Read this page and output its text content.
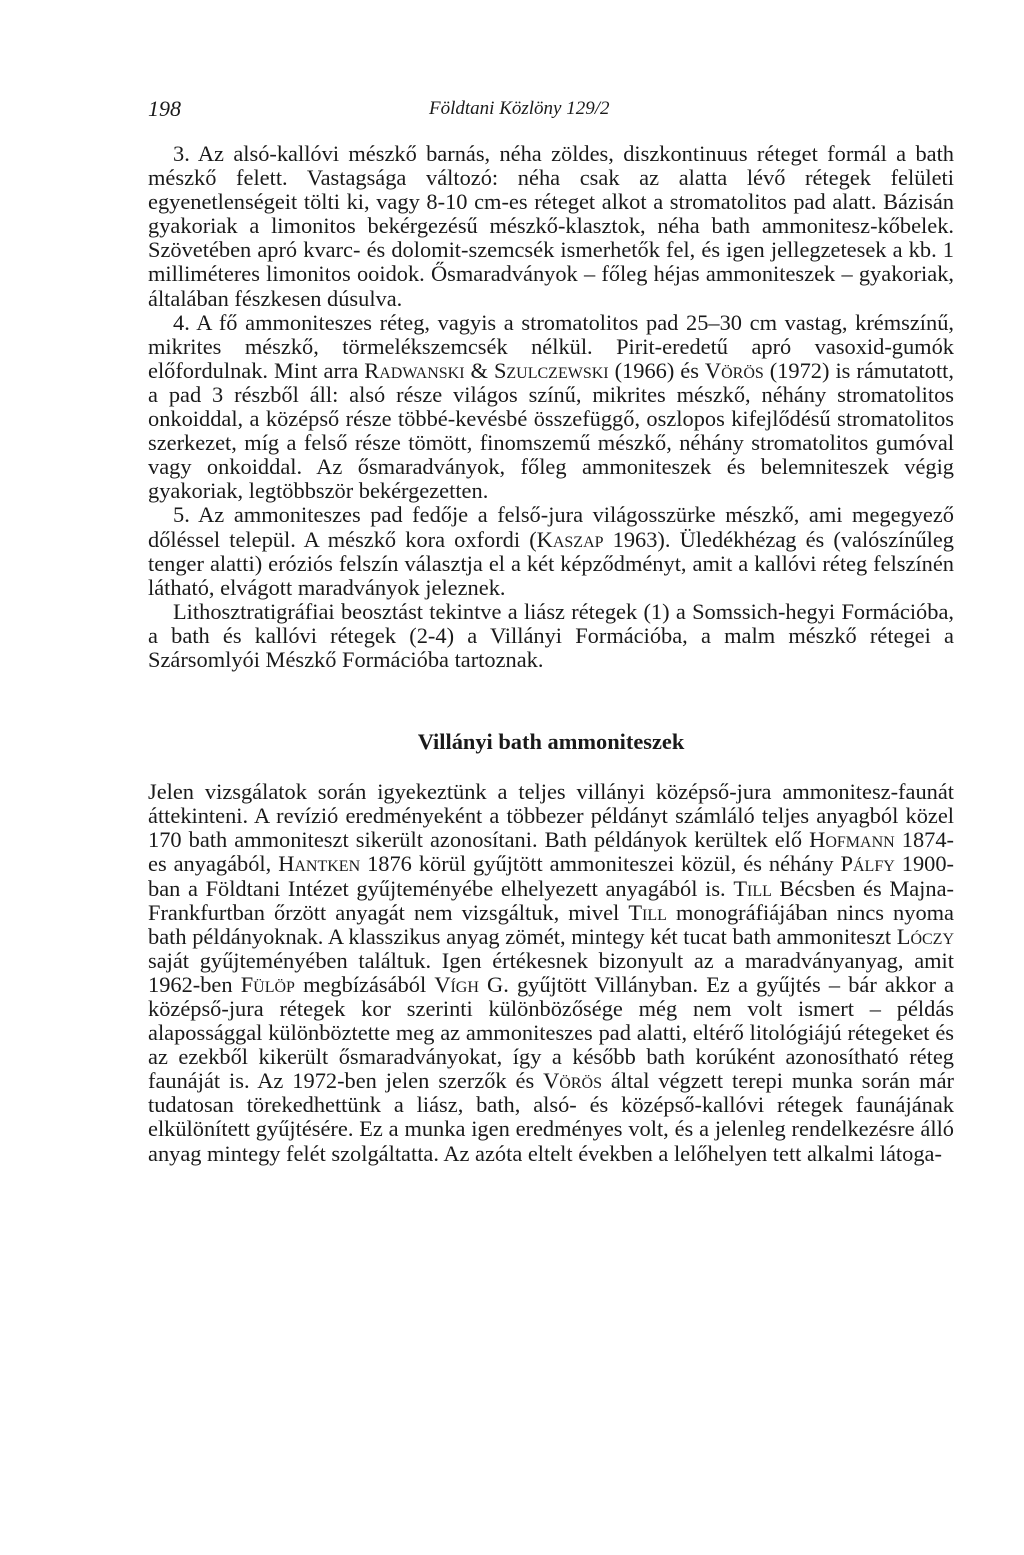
198	Földtani Közlöny 129/2

3. Az alsó-kallóvi mészkő barnás, néha zöldes, diszkontinuus réteget formál a bath mészkő felett. Vastagsága változó: néha csak az alatta lévő rétegek felületi egyenetlenségeit tölti ki, vagy 8-10 cm-es réteget alkot a stromatolitos pad alatt. Bázisán gyakoriak a limonitos bekérgezésű mészkő-klasztok, néha bath ammonitesz-kőbelek. Szövetében apró kvarc- és dolomit-szemcsék ismerhetők fel, és igen jellegzetesek a kb. 1 milliméteres limonitos ooidok. Ősmaradványok – főleg héjas ammoniteszek – gyakoriak, általában fészkesen dúsulva.

4. A fő ammoniteszes réteg, vagyis a stromatolitos pad 25–30 cm vastag, krémszínű, mikrites mészkő, törmelékszemcsék nélkül. Pirit-eredetű apró vasoxid-gumók előfordulnak. Mint arra Radwanski & Szulczewski (1966) és Vörös (1972) is rámutatott, a pad 3 részből áll: alsó része világos színű, mikrites mészkő, néhány stromatolitos onkoiddal, a középső része többé-kevésbé összefüggő, oszlopos kifejlődésű stromatolitos szerkezet, míg a felső része tömött, finomszemű mészkő, néhány stromatolitos gumóval vagy onkoiddal. Az ősmaradványok, főleg ammoniteszek és belemniteszek végig gyakoriak, legtöbbször bekérgezetten.

5. Az ammoniteszes pad fedője a felső-jura világosszürke mészkő, ami megegyező dőléssel települ. A mészkő kora oxfordi (Kaszap 1963). Üledékhézag és (valószínűleg tenger alatti) eróziós felszín választja el a két képződményt, amit a kallóvi réteg felszínén látható, elvágott maradványok jeleznek.

Lithosztratigráfiai beosztást tekintve a liász rétegek (1) a Somssich-hegyi Formációba, a bath és kallóvi rétegek (2-4) a Villányi Formációba, a malm mészkő rétegei a Szársomlyói Mészkő Formációba tartoznak.

Villányi bath ammoniteszek

Jelen vizsgálatok során igyekeztünk a teljes villányi középső-jura ammonitesz-faunát áttekinteni. A revízió eredményeként a többezer példányt számláló teljes anyagból közel 170 bath ammoniteszt sikerült azonosítani. Bath példányok kerültek elő Hofmann 1874-es anyagából, Hantken 1876 körül gyűjtött ammoniteszei közül, és néhány Pálfy 1900-ban a Földtani Intézet gyűjteményébe elhelyezett anyagából is. Till Bécsben és Majna-Frankfurtban őrzött anyagát nem vizsgáltuk, mivel Till monográfiájában nincs nyoma bath példányoknak. A klasszikus anyag zömét, mintegy két tucat bath ammoniteszt Lóczy saját gyűjteményében találtuk. Igen értékesnek bizonyult az a maradványanyag, amit 1962-ben Fülöp megbízásából Vígh G. gyűjtött Villányban. Ez a gyűjtés – bár akkor a középső-jura rétegek kor szerinti különbözősége még nem volt ismert – példás alapossággal különböztette meg az ammoniteszes pad alatti, eltérő litológiájú rétegeket és az ezekből kikerült ősmaradványokat, így a később bath korúként azonosítható réteg faunáját is. Az 1972-ben jelen szerzők és Vörös által végzett terepi munka során már tudatosan törekedhettünk a liász, bath, alsó- és középső-kallóvi rétegek faunájának elkülönített gyűjtésére. Ez a munka igen eredményes volt, és a jelenleg rendelkezésre álló anyag mintegy felét szolgáltatta. Az azóta eltelt években a lelőhelyen tett alkalmi látoga-
